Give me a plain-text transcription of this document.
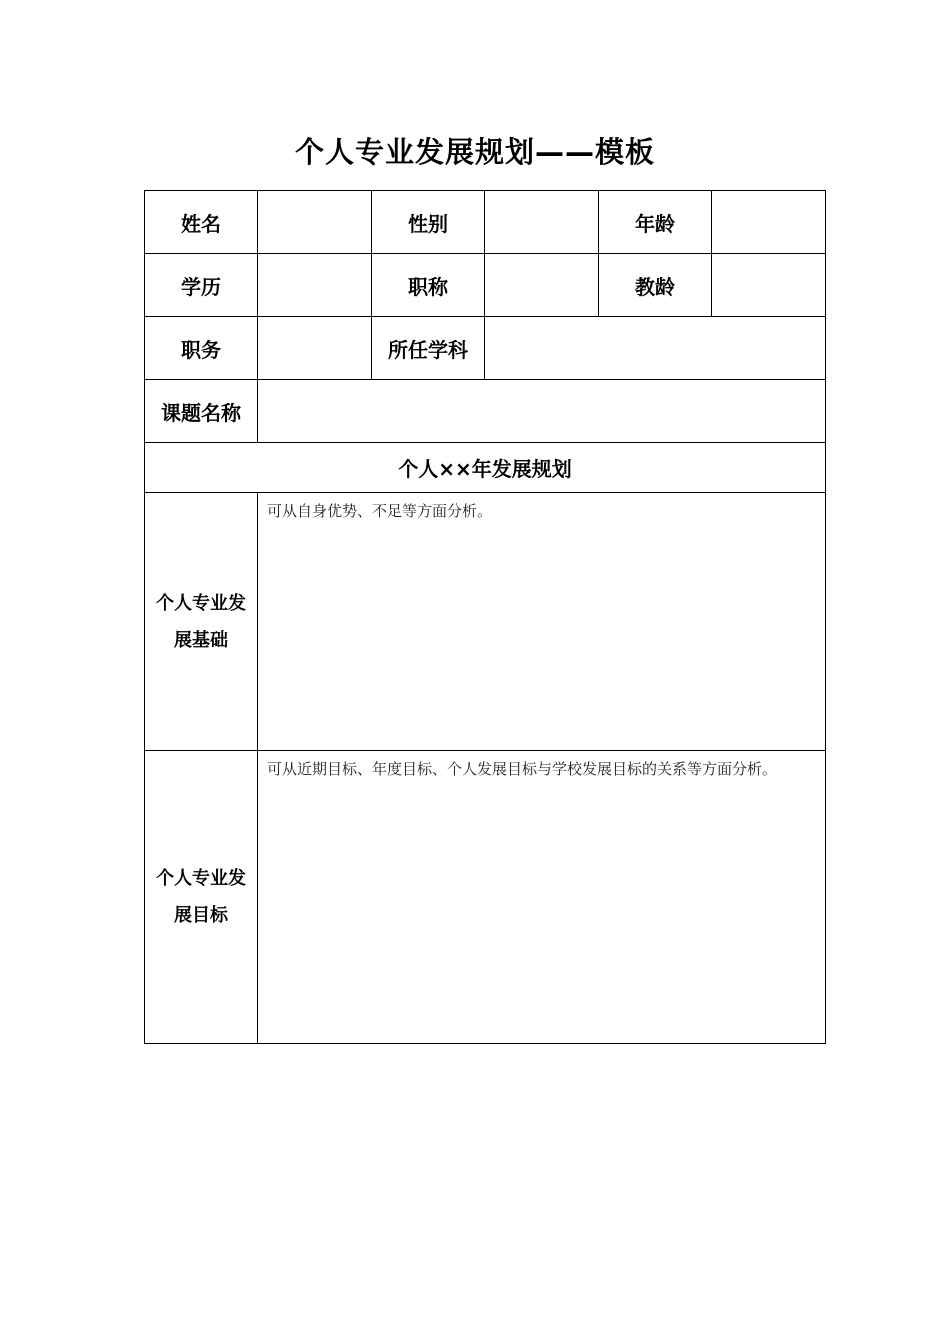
个人专业发展规划——模板
姓名		性别		年龄	
学历		职称		教龄	
职务		所任学科			
课题名称					
个人××年发展规划					
个人专业发
展基础	可从自身优势、不足等方面分析。				
个人专业发
展目标	可从近期目标、年度目标、个人发展目标与学校发展目标的关系等方面分析。				
